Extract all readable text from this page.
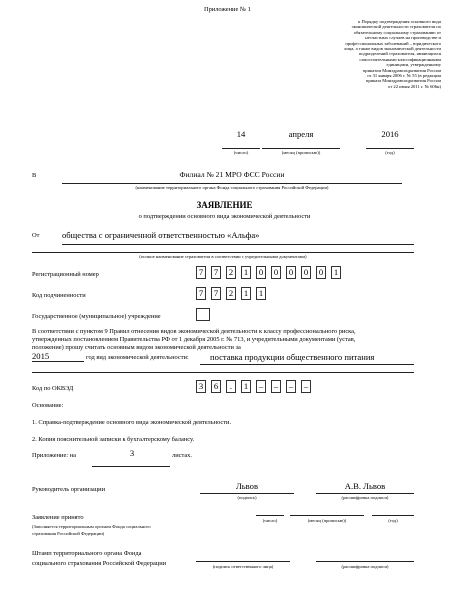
Приложение № 1
к Порядку подтверждения основного вида
экономической деятельности страхователя по
обязательному социальному страхованию от
несчастных случаев на производстве и
профессиональных заболеваний – юридического
лица, а также видов экономической деятельности
подразделений страхователя, являющихся
самостоятельными классификационными
единицами, утвержденному
приказом Минздравсоцразвития России
от 31 января 2006 г. № 55 (в редакции
приказа Минздравсоцразвития России
от 22 июня 2011 г. № 606н)
14
(число)
апреля
(месяц (прописью))
2016
(год)
В	Филиал № 21 МРО ФСС России
(наименование территориального органа Фонда социального страхования Российской Федерации)
ЗАЯВЛЕНИЕ
о подтверждении основного вида экономической деятельности
От	общества с ограниченной ответственностью «Альфа»
(полное наименование страхователя в соответствии с учредительными документами)
Регистрационный номер	7	7	2	1	0	0	0	0	0	1
Код подчиненности	7	7	2	1	1
Государственное (муниципальное) учреждение
В соответствии с пунктом 9 Правил отнесения видов экономической деятельности к классу профессионального риска,
утвержденных постановлением Правительства РФ от 1 декабря 2005 г. № 713, и учредительными документами (устав,
положение) прошу считать основным видом экономической деятельности за
2015	год вид экономической деятельности: поставка продукции общественного питания
Код по ОКВЭД	3	6	.	1	–	–	–	–
Основание:
1. Справка-подтверждение основного вида экономической деятельности.
2. Копия пояснительной записки к бухгалтерскому балансу.
Приложение: на	3	листах.
Руководитель организации	Львов
(подпись)
А.В. Львов
(расшифровка подписи)
Заявление принято
(Заполняется территориальным органом Фонда социального
страхования Российской Федерации)
(число)	(месяц (прописью))	(год)
Штамп территориального органа Фонда
социального страхования Российской Федерации	(подпись ответственного лица)	(расшифровка подписи)
